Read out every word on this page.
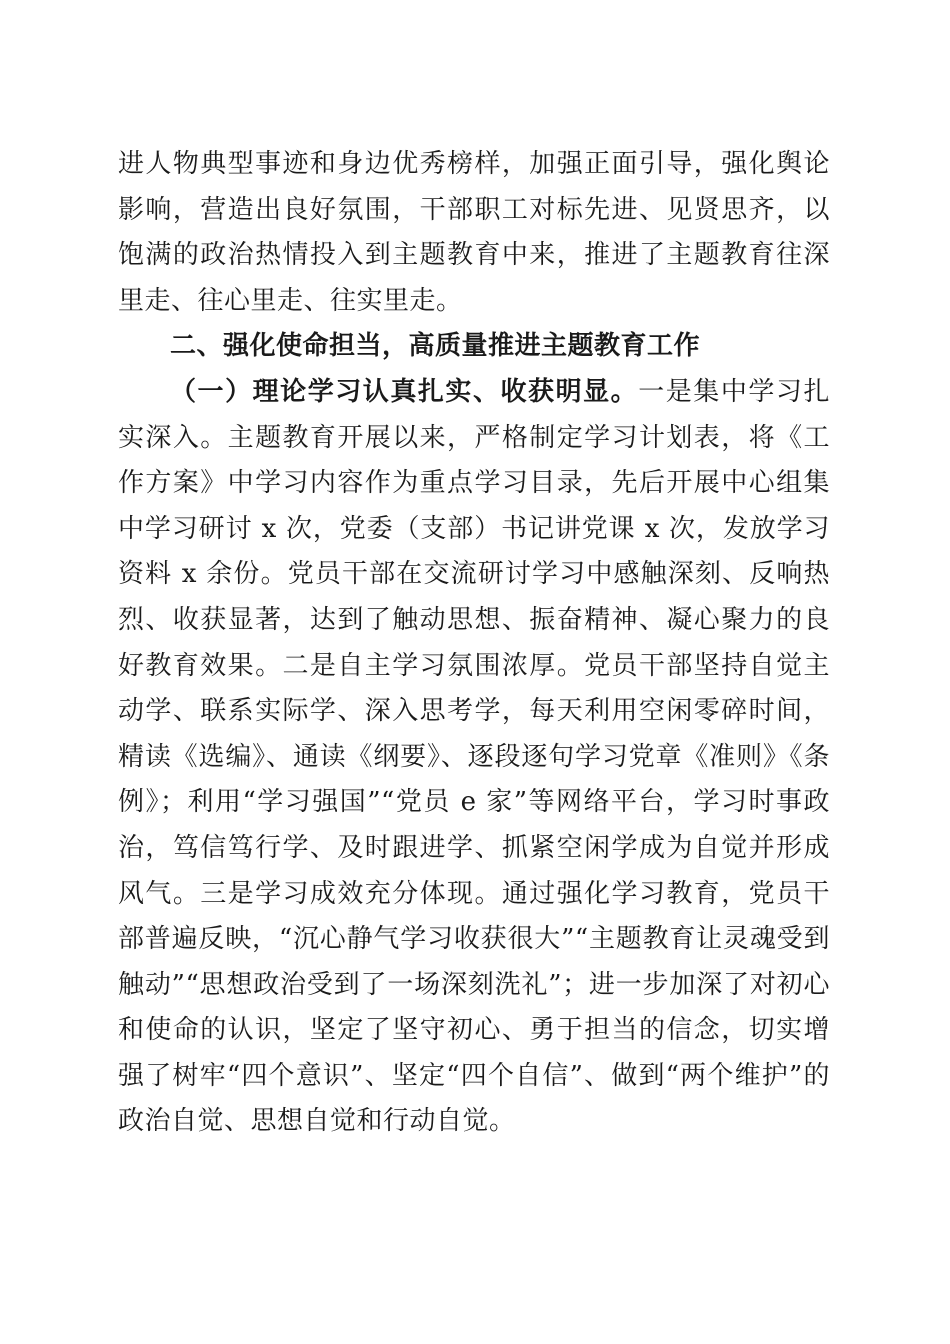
进人物典型事迹和身边优秀榜样，加强正面引导，强化舆论影响，营造出良好氛围，干部职工对标先进、见贤思齐，以饱满的政治热情投入到主题教育中来，推进了主题教育往深里走、往心里走、往实里走。

二、强化使命担当，高质量推进主题教育工作

（一）理论学习认真扎实、收获明显。一是集中学习扎实深入。主题教育开展以来，严格制定学习计划表，将《工作方案》中学习内容作为重点学习目录，先后开展中心组集中学习研讨 x 次，党委（支部）书记讲党课 x 次，发放学习资料 x 余份。党员干部在交流研讨学习中感触深刻、反响热烈、收获显著，达到了触动思想、振奋精神、凝心聚力的良好教育效果。二是自主学习氛围浓厚。党员干部坚持自觉主动学、联系实际学、深入思考学，每天利用空闲零碎时间，精读《选编》、通读《纲要》、逐段逐句学习党章《准则》《条例》；利用“学习强国”“党员 e 家”等网络平台，学习时事政治，笃信笃行学、及时跟进学、抓紧空闲学成为自觉并形成风气。三是学习成效充分体现。通过强化学习教育，党员干部普遍反映，“沉心静气学习收获很大”“主题教育让灵魂受到触动”“思想政治受到了一场深刻洗礼”；进一步加深了对初心和使命的认识，坚定了坚守初心、勇于担当的信念，切实增强了树牢“四个意识”、坚定“四个自信”、做到“两个维护”的政治自觉、思想自觉和行动自觉。
